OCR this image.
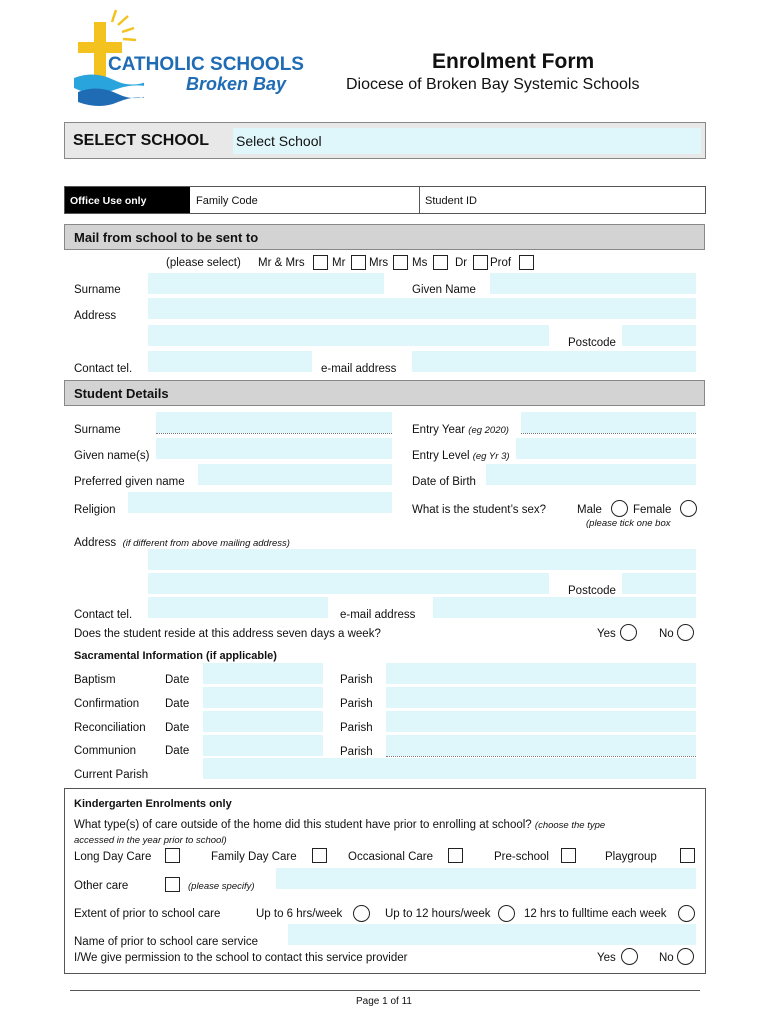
CATHOLIC SCHOOLS
Broken Bay
Enrolment Form
Diocese of Broken Bay Systemic Schools
SELECT SCHOOL Select School
Office Use only	Family Code	Student ID
Mail from school to be sent to
(please select) Mr & Mrs Mr Mrs Ms Dr Prof
Surname	Given Name
Address
Postcode
Contact tel.	e-mail address
Student Details
Surname	Entry Year (eg 2020)
Given name(s)	Entry Level (eg Yr 3)
Preferred given name	Date of Birth
Religion	What is the student’s sex?	Male	Female
(please tick one box
Address (if different from above mailing address)
Postcode
Contact tel.	e-mail address
Does the student reside at this address seven days a week?	Yes	No
Sacramental Information (if applicable)
Baptism	Date	Parish
Confirmation Date	Parish
Reconciliation Date	Parish
Communion	Date	Parish
Current Parish
Kindergarten Enrolments only
What type(s) of care outside of the home did this student have prior to enrolling at school? (choose the type
accessed in the year prior to school)
Long Day Care	Family Day Care	Occasional Care	Pre-school	Playgroup
Other care	(please specify)
Extent of prior to school care	Up to 6 hrs/week	Up to 12 hours/week	12 hrs to fulltime each week
Name of prior to school care service
I/We give permission to the school to contact this service provider	Yes	No
Page 1 of 11
